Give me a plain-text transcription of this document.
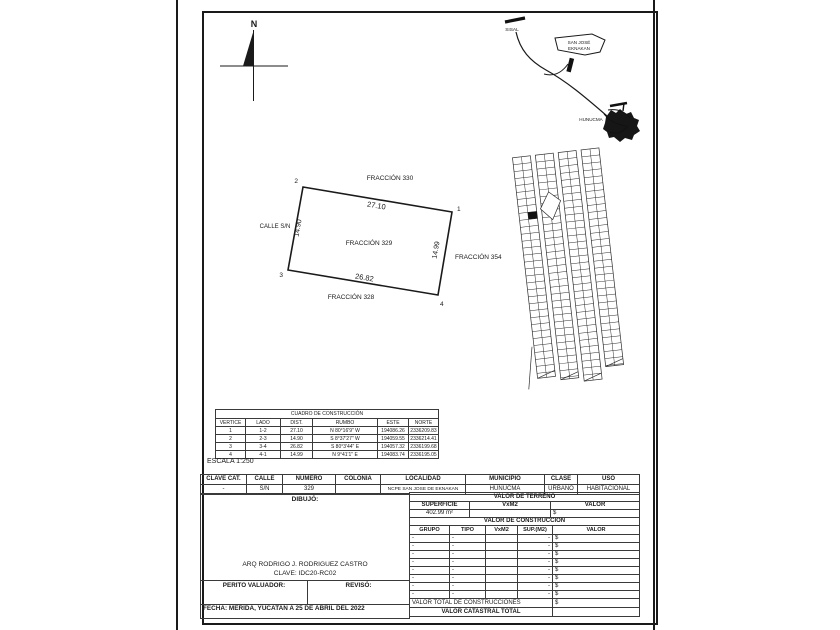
N
SISAL
SAN JOSÉ
EKNAKAN
HUNUCMA
2
1
3
4
FRACCIÓN 330
27.10
CALLE S/N 14.90
FRACCIÓN 329	14.99 FRACCIÓN 354
26.82
FRACCIÓN 328
CUADRO DE CONSTRUCCIÓN					
VERTICE	LADO	DIST.	RUMBO	ESTE	NORTE
1	1-2	27.10	N 80°16'9" W	194086.26	2336209.83
2	2-3	14.90	S 8°37'27" W	194059.55	2336214.41
3	3-4	26.82	S 80°3'44" E	194057.32	2336199.68
4	4-1	14.99	N 9°41'1" E	194083.74	2336195.05
ESCALA 1:250
CLAVE CAT.	CALLE	NUMERO	COLONIA	LOCALIDAD	MUNICIPIO	CLASE	USO
-	S/N	329		NCPE SAN JOSE DE EKNAKAN	HUNUCMA	URBANO	HABITACIONAL
DIBUJÓ:
ARQ RODRIGO J. RODRIGUEZ CASTRO
CLAVE: IDC20-RC02

PERITO VALUADOR:	REVISÓ:
FECHA: MERIDA, YUCATAN A 25 DE ABRIL DEL 2022
VALOR DE TERRENO		
SUPERFICIE	VxM2	VALOR
402.99 m²		$
VALOR DE CONSTRUCCIÓN				
GRUPO	TIPO	VxM2	SUP.(M2)	VALOR
-	-		-	$
-	-		-	$
-	-		-	$
-	-		-	$
-	-		-	$
-	-		-	$
-	-		-	$
-	-		-	$
VALOR TOTAL DE CONSTRUCCIONES	$
VALOR CATASTRAL TOTAL	
